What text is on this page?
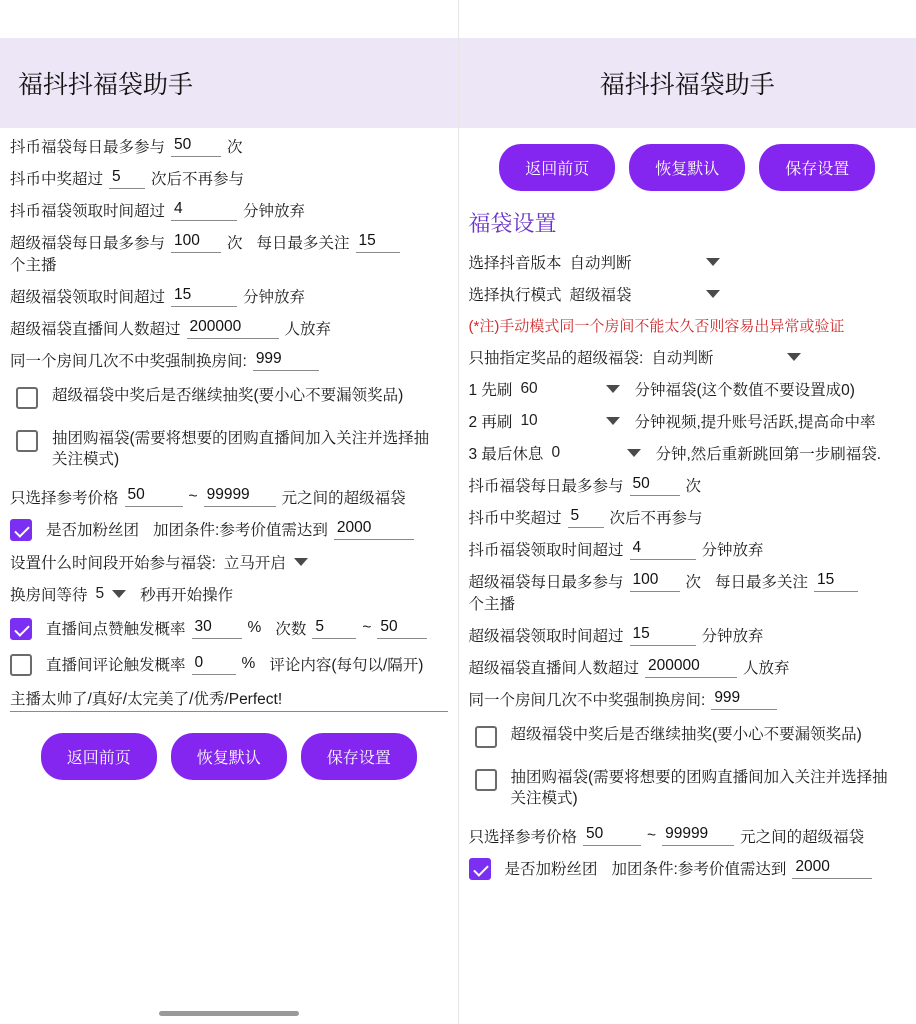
福抖抖福袋助手
抖币福袋每日最多参与
50	次
抖币中奖超过
5	次后不再参与
抖币福袋领取时间超过
4	分钟放弃
超级福袋每日最多参与
100	次 每日最多关注
15
个主播
超级福袋领取时间超过
15	分钟放弃
超级福袋直播间人数超过
200000	人放弃
同一个房间几次不中奖强制换房间:
999
超级福袋中奖后是否继续抽奖(要小心不要漏领奖品)
抽团购福袋(需要将想要的团购直播间加入关注并选择抽关注模式)
只选择参考价格
50	~
99999	元之间的超级福袋
是否加粉丝团 加团条件:参考价值需达到
2000
设置什么时间段开始参与福袋: 立马开启
换房间等待 5 秒再开始操作
直播间点赞触发概率
30	% 次数
5	~
50
直播间评论触发概率
0	% 评论内容(每句以/隔开)
主播太帅了/真好/太完美了/优秀/Perfect!
返回前页	恢复默认	保存设置
福抖抖福袋助手
返回前页	恢复默认	保存设置
福袋设置
选择抖音版本 自动判断
选择执行模式 超级福袋
(*注)手动模式同一个房间不能太久否则容易出异常或验证
只抽指定奖品的超级福袋: 自动判断
1 先刷 60	分钟福袋(这个数值不要设置成0)
2 再刷 10	分钟视频,提升账号活跃,提高命中率
3 最后休息 0	分钟,然后重新跳回第一步刷福袋.
抖币福袋每日最多参与
50	次
抖币中奖超过
5	次后不再参与
抖币福袋领取时间超过
4	分钟放弃
超级福袋每日最多参与
100	次 每日最多关注
15
个主播
超级福袋领取时间超过
15	分钟放弃
超级福袋直播间人数超过
200000	人放弃
同一个房间几次不中奖强制换房间:
999
超级福袋中奖后是否继续抽奖(要小心不要漏领奖品)
抽团购福袋(需要将想要的团购直播间加入关注并选择抽关注模式)
只选择参考价格
50	~
99999	元之间的超级福袋
是否加粉丝团 加团条件:参考价值需达到
2000
